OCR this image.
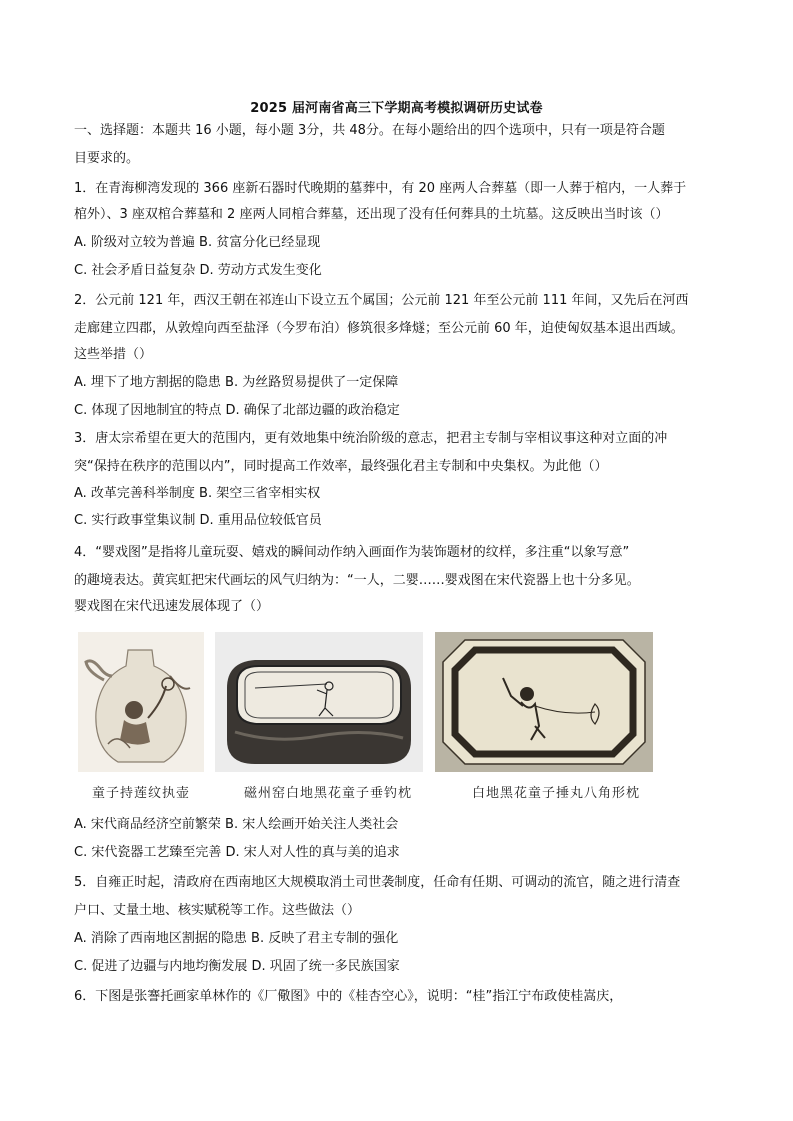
2025 届河南省高三下学期高考模拟调研历史试卷
一、选择题：本题共 16 小题，每小题 3分，共 48分。在每小题给出的四个选项中，只有一项是符合题
目要求的。
1．在青海柳湾发现的 366 座新石器时代晚期的墓葬中，有 20 座两人合葬墓（即一人葬于棺内，一人葬于
棺外）、3 座双棺合葬墓和 2 座两人同棺合葬墓，还出现了没有任何葬具的土坑墓。这反映出当时该（）
A. 阶级对立较为普遍 B. 贫富分化已经显现
C. 社会矛盾日益复杂 D. 劳动方式发生变化
2．公元前 121 年，西汉王朝在祁连山下设立五个属国；公元前 121 年至公元前 111 年间，又先后在河西
走廊建立四郡，从敦煌向西至盐泽（今罗布泊）修筑很多烽燧；至公元前 60 年，迫使匈奴基本退出西域。
这些举措（）
A. 埋下了地方割据的隐患 B. 为丝路贸易提供了一定保障
C. 体现了因地制宜的特点 D. 确保了北部边疆的政治稳定
3．唐太宗希望在更大的范围内，更有效地集中统治阶级的意志，把君主专制与宰相议事这种对立面的冲
突“保持在秩序的范围以内”，同时提高工作效率，最终强化君主专制和中央集权。为此他（）
A. 改革完善科举制度 B. 架空三省宰相实权
C. 实行政事堂集议制 D. 重用品位较低官员
4．“婴戏图”是指将儿童玩耍、嬉戏的瞬间动作纳入画面作为装饰题材的纹样，多注重“以象写意”
的趣境表达。黄宾虹把宋代画坛的风气归纳为：“一人，二婴……婴戏图在宋代瓷器上也十分多见。
婴戏图在宋代迅速发展体现了（）
童子持莲纹执壶	磁州窑白地黑花童子垂钓枕	白地黑花童子捶丸八角形枕
A. 宋代商品经济空前繁荣 B. 宋人绘画开始关注人类社会
C. 宋代瓷器工艺臻至完善 D. 宋人对人性的真与美的追求
5．自雍正时起，清政府在西南地区大规模取消土司世袭制度，任命有任期、可调动的流官，随之进行清查
户口、丈量土地、核实赋税等工作。这些做法（）
A. 消除了西南地区割据的隐患 B. 反映了君主专制的强化
C. 促进了边疆与内地均衡发展 D. 巩固了统一多民族国家
6．下图是张謇托画家单林作的《厂儆图》中的《桂杏空心》，说明：“桂”指江宁布政使桂嵩庆，
